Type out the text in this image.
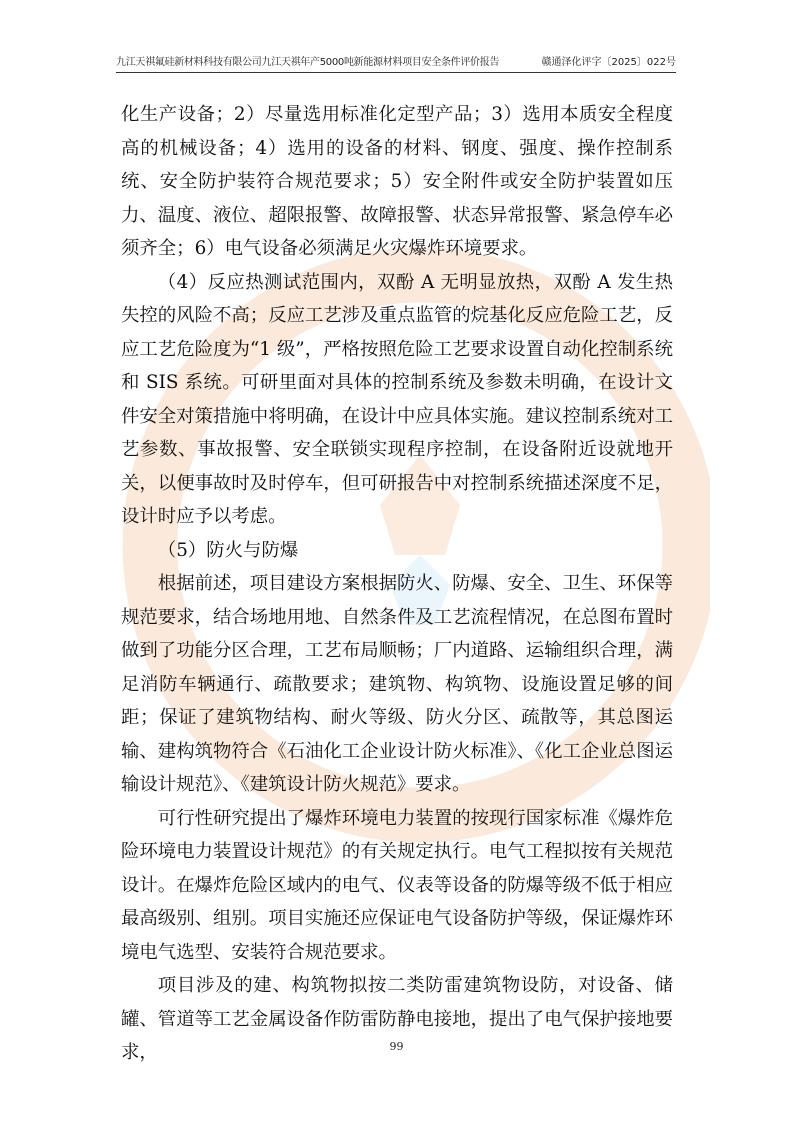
九江天祺氟硅新材料科技有限公司九江天祺年产5000吨新能源材料项目安全条件评价报告	赣通泽化评字〔2025〕022号

化生产设备；2）尽量选用标准化定型产品；3）选用本质安全程度高的机械设备；4）选用的设备的材料、钢度、强度、操作控制系统、安全防护装符合规范要求；5）安全附件或安全防护装置如压力、温度、液位、超限报警、故障报警、状态异常报警、紧急停车必须齐全；6）电气设备必须满足火灾爆炸环境要求。

（4）反应热测试范围内，双酚 A 无明显放热，双酚 A 发生热失控的风险不高；反应工艺涉及重点监管的烷基化反应危险工艺，反应工艺危险度为“1 级”，严格按照危险工艺要求设置自动化控制系统和 SIS 系统。可研里面对具体的控制系统及参数未明确，在设计文件安全对策措施中将明确，在设计中应具体实施。建议控制系统对工艺参数、事故报警、安全联锁实现程序控制，在设备附近设就地开关，以便事故时及时停车，但可研报告中对控制系统描述深度不足，设计时应予以考虑。

（5）防火与防爆

根据前述，项目建设方案根据防火、防爆、安全、卫生、环保等规范要求，结合场地用地、自然条件及工艺流程情况，在总图布置时做到了功能分区合理，工艺布局顺畅；厂内道路、运输组织合理，满足消防车辆通行、疏散要求；建筑物、构筑物、设施设置足够的间距；保证了建筑物结构、耐火等级、防火分区、疏散等，其总图运输、建构筑物符合《石油化工企业设计防火标准》、《化工企业总图运输设计规范》、《建筑设计防火规范》要求。

可行性研究提出了爆炸环境电力装置的按现行国家标准《爆炸危险环境电力装置设计规范》的有关规定执行。电气工程拟按有关规范设计。在爆炸危险区域内的电气、仪表等设备的防爆等级不低于相应最高级别、组别。项目实施还应保证电气设备防护等级，保证爆炸环境电气选型、安装符合规范要求。

项目涉及的建、构筑物拟按二类防雷建筑物设防，对设备、储罐、管道等工艺金属设备作防雷防静电接地，提出了电气保护接地要求，	99
